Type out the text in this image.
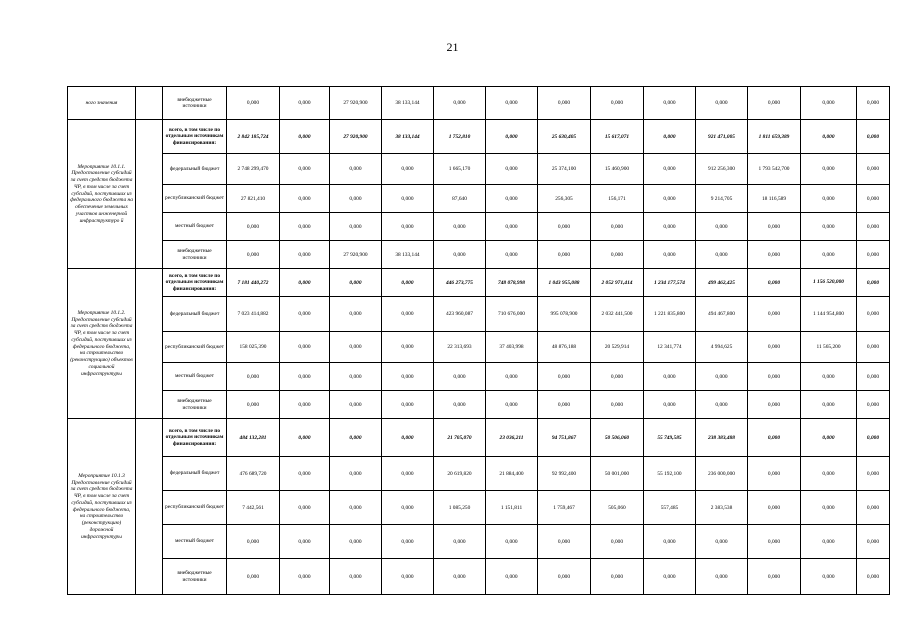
21
ного значения		внебюджетные источники	0,000	0,000	27 920,900	38 133,144	0,000	0,000	0,000	0,000	0,000	0,000	0,000	0,000	0,000
Мероприятие 10.1.1. Предоставление субсидий за счет средств бюджета ЧР, в том числе за счет субсидий, поступивших из федерального бюджета на обеспечение земельных участков инженерной инфраструктуро й		всего, в том числе по отдельным источникам финансирования:	2 842 185,724	0,000	27 920,900	38 133,144	1 752,810	0,000	25 630,405	15 617,071	0,000	921 471,005	1 811 659,389	0,000	0,000
		федеральный бюджет	2 748 299,470	0,000	0,000	0,000	1 665,170	0,000	25 374,100	15 460,900	0,000	912 256,300	1 793 542,700	0,000	0,000
		республиканский бюджет	27 821,410	0,000	0,000	0,000	87,640	0,000	256,305	156,171	0,000	9 214,705	18 116,589	0,000	0,000
		местный бюджет	0,000	0,000	0,000	0,000	0,000	0,000	0,000	0,000	0,000	0,000	0,000	0,000	0,000
		внебюджетные источники	0,000	0,000	27 920,900	38 133,144	0,000	0,000	0,000	0,000	0,000	0,000	0,000	0,000	0,000
Мероприятие 10.1.2. Предоставление субсидий за счет средств бюджета ЧР, в том числе за счет субсидий, поступивших из федерального бюджета, на строительство (реконструкцию) объектов социальной инфраструктуры		всего, в том числе по отдельным источникам финансирования:	7 181 440,272	0,000	0,000	0,000	446 273,775	748 078,998	1 043 955,088	2 052 971,414	1 234 177,574	499 462,425	0,000	1 156 520,000	0,000
		федеральный бюджет	7 023 414,882	0,000	0,000	0,000	423 960,087	710 676,000	995 078,900	2 032 441,500	1 221 835,800	494 467,800	0,000	1 144 954,800	0,000
		республиканский бюджет	158 025,390	0,000	0,000	0,000	22 313,693	37 403,998	48 876,188	20 529,914	12 341,774	4 994,625	0,000	11 565,200	0,000
		местный бюджет	0,000	0,000	0,000	0,000	0,000	0,000	0,000	0,000	0,000	0,000	0,000	0,000	0,000
		внебюджетные источники	0,000	0,000	0,000	0,000	0,000	0,000	0,000	0,000	0,000	0,000	0,000	0,000	0,000
Мероприятие 10.1.3 Предоставление субсидий за счет средств бюджета ЧР, в том числе за счет субсидий, поступивших из федерального бюджета, на строительство (реконструкцию) дорожной инфраструктуры		всего, в том числе по отдельным источникам финансирования:	484 132,281	0,000	0,000	0,000	21 705,070	23 036,211	94 751,867	50 506,060	55 749,585	238 383,488	0,000	0,000	0,000
		федеральный бюджет	476 689,720	0,000	0,000	0,000	20 619,820	21 884,400	92 992,400	50 001,000	55 192,100	236 000,000	0,000	0,000	0,000
		республиканский бюджет	7 442,561	0,000	0,000	0,000	1 085,250	1 151,811	1 759,467	505,060	557,485	2 383,538	0,000	0,000	0,000
		местный бюджет	0,000	0,000	0,000	0,000	0,000	0,000	0,000	0,000	0,000	0,000	0,000	0,000	0,000
		внебюджетные источники	0,000	0,000	0,000	0,000	0,000	0,000	0,000	0,000	0,000	0,000	0,000	0,000	0,000
